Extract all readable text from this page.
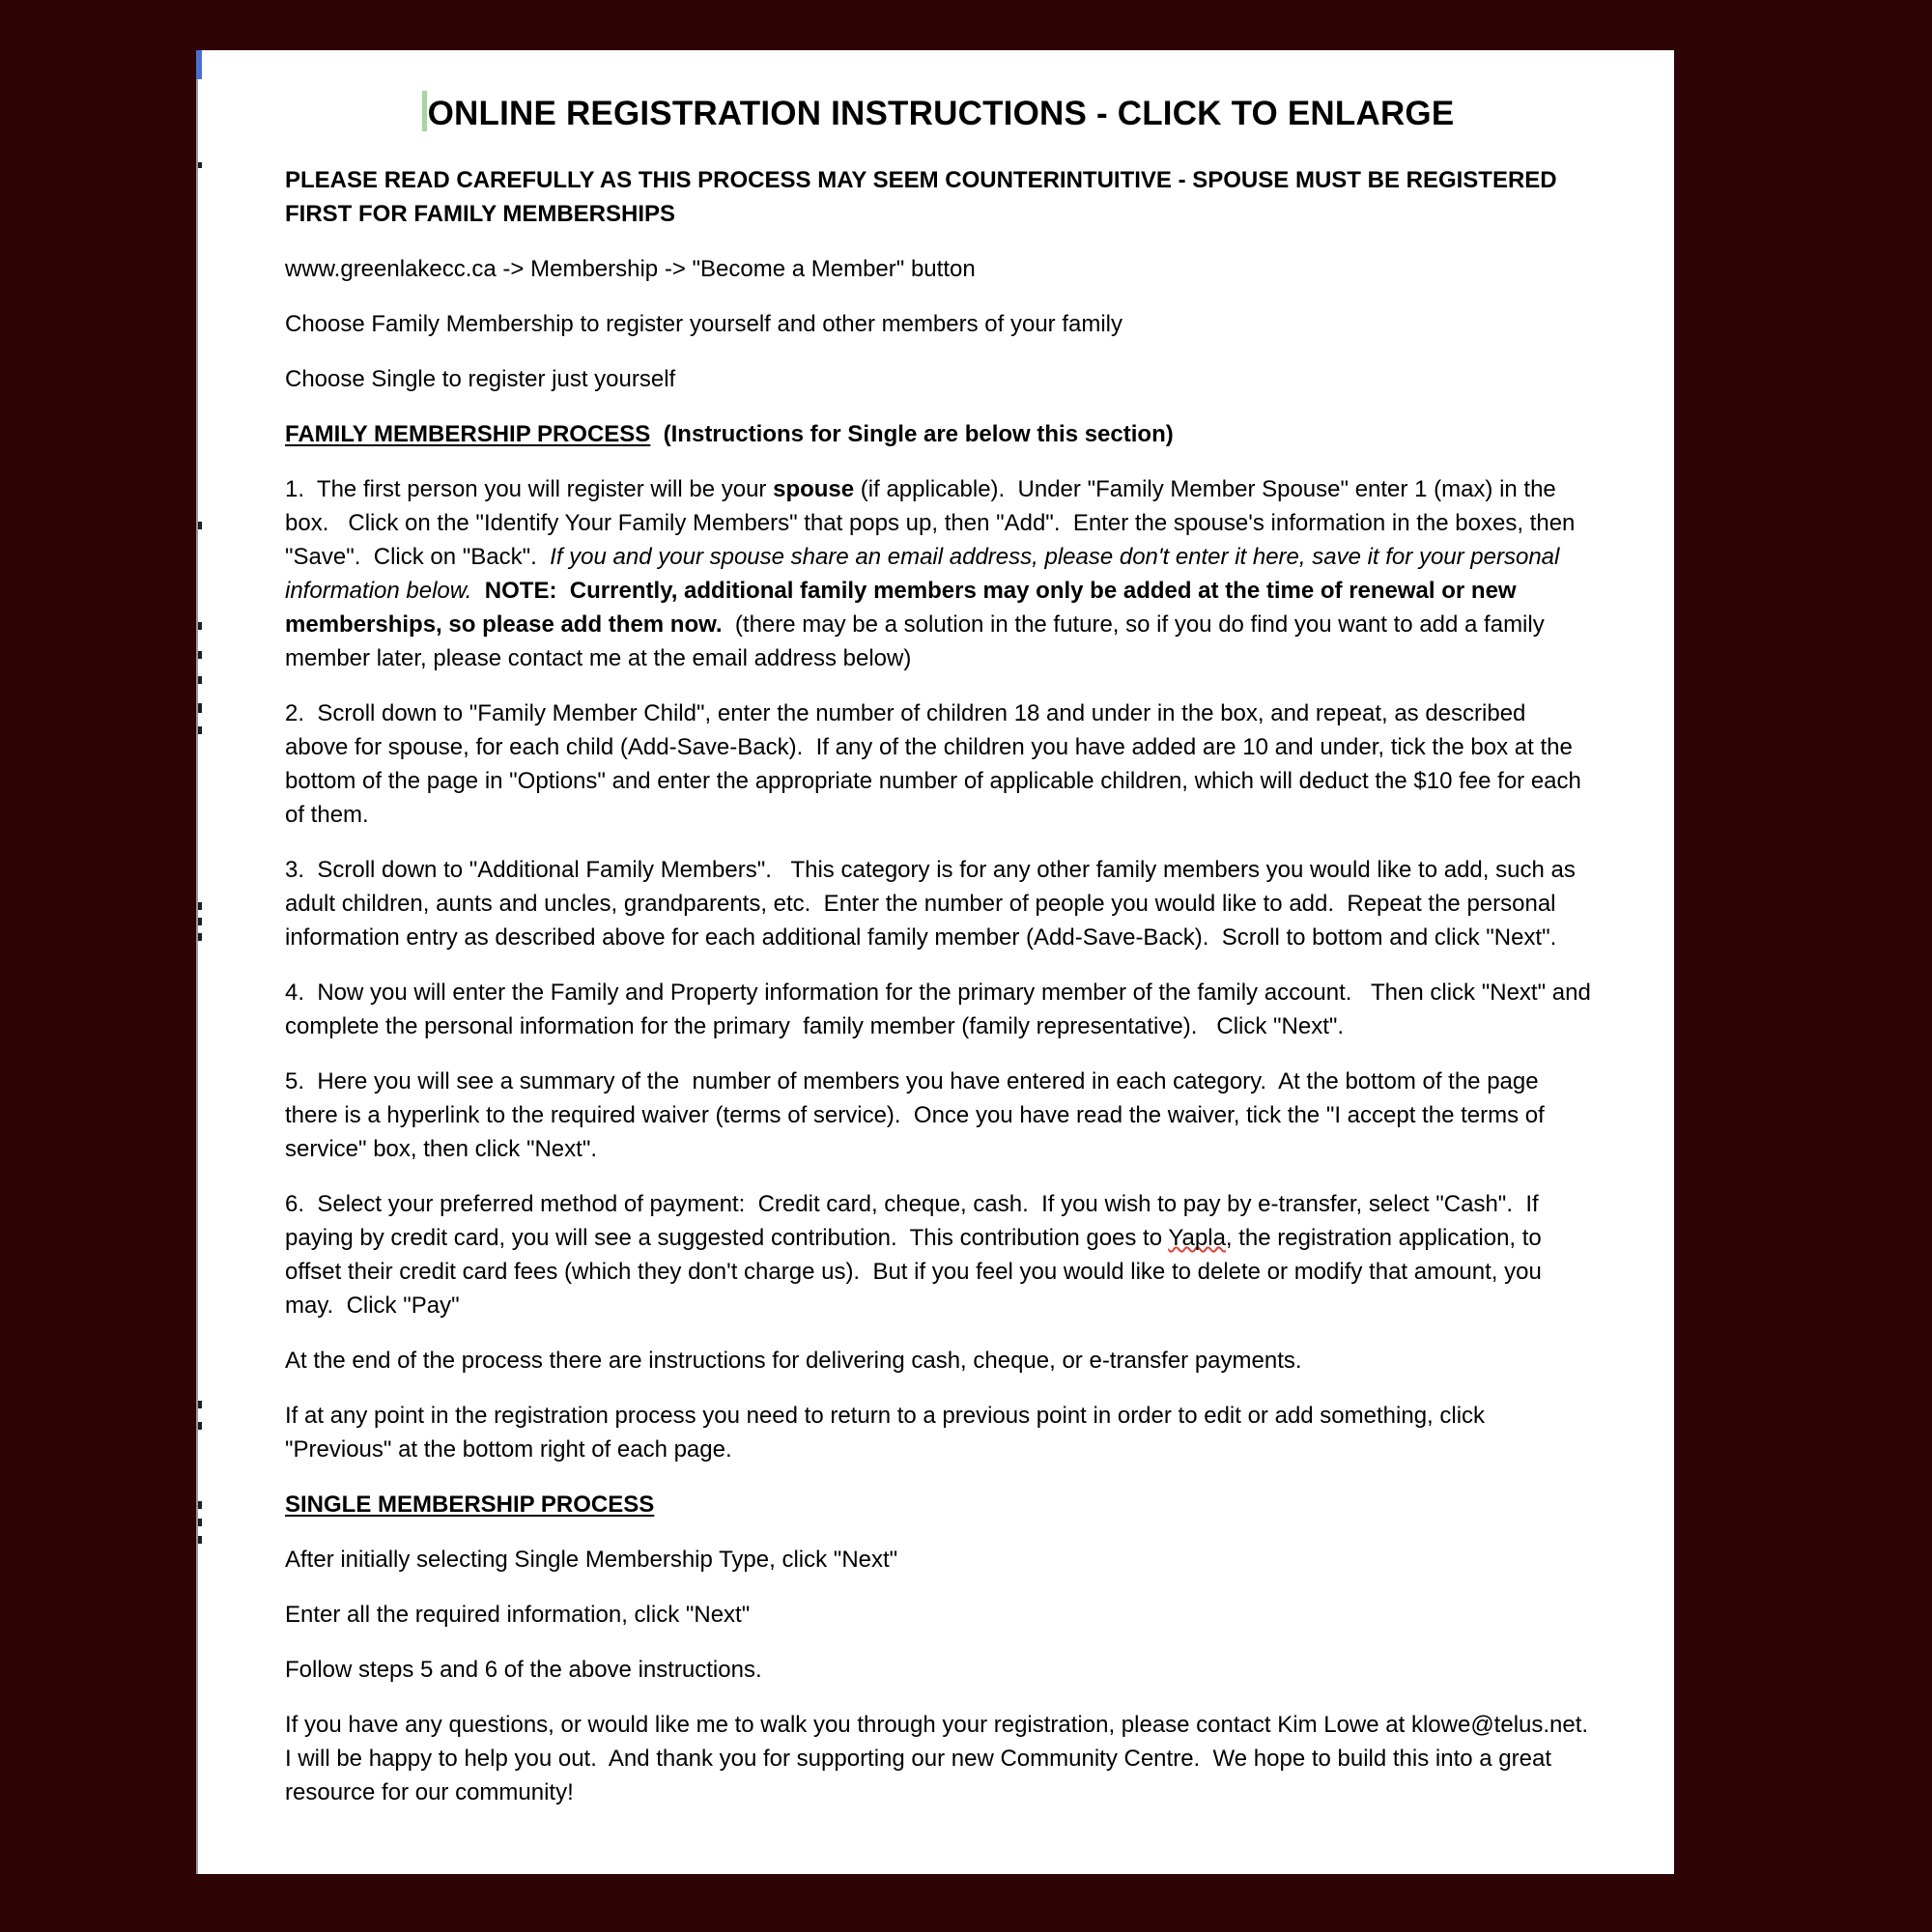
ONLINE REGISTRATION INSTRUCTIONS - CLICK TO ENLARGE

PLEASE READ CAREFULLY AS THIS PROCESS MAY SEEM COUNTERINTUITIVE - SPOUSE MUST BE REGISTERED FIRST FOR FAMILY MEMBERSHIPS

www.greenlakecc.ca -> Membership -> "Become a Member" button

Choose Family Membership to register yourself and other members of your family

Choose Single to register just yourself

FAMILY MEMBERSHIP PROCESS  (Instructions for Single are below this section)

1.  The first person you will register will be your spouse (if applicable).  Under "Family Member Spouse" enter 1 (max) in the box.   Click on the "Identify Your Family Members" that pops up, then "Add".  Enter the spouse's information in the boxes, then "Save".  Click on "Back".  If you and your spouse share an email address, please don't enter it here, save it for your personal information below. NOTE:  Currently, additional family members may only be added at the time of renewal or new memberships, so please add them now.  (there may be a solution in the future, so if you do find you want to add a family member later, please contact me at the email address below)

2.  Scroll down to "Family Member Child", enter the number of children 18 and under in the box, and repeat, as described above for spouse, for each child (Add-Save-Back).  If any of the children you have added are 10 and under, tick the box at the bottom of the page in "Options" and enter the appropriate number of applicable children, which will deduct the $10 fee for each of them.

3.  Scroll down to "Additional Family Members".   This category is for any other family members you would like to add, such as adult children, aunts and uncles, grandparents, etc.  Enter the number of people you would like to add.  Repeat the personal information entry as described above for each additional family member (Add-Save-Back).  Scroll to bottom and click "Next".

4.  Now you will enter the Family and Property information for the primary member of the family account.   Then click "Next" and complete the personal information for the primary  family member (family representative).   Click "Next".

5.  Here you will see a summary of the  number of members you have entered in each category.  At the bottom of the page there is a hyperlink to the required waiver (terms of service).  Once you have read the waiver, tick the "I accept the terms of service" box, then click "Next".

6.  Select your preferred method of payment:  Credit card, cheque, cash.  If you wish to pay by e-transfer, select "Cash".  If paying by credit card, you will see a suggested contribution.  This contribution goes to Yapla, the registration application, to offset their credit card fees (which they don't charge us).  But if you feel you would like to delete or modify that amount, you may.  Click "Pay"

At the end of the process there are instructions for delivering cash, cheque, or e-transfer payments.

If at any point in the registration process you need to return to a previous point in order to edit or add something, click "Previous" at the bottom right of each page.

SINGLE MEMBERSHIP PROCESS

After initially selecting Single Membership Type, click "Next"

Enter all the required information, click "Next"

Follow steps 5 and 6 of the above instructions.

If you have any questions, or would like me to walk you through your registration, please contact Kim Lowe at klowe@telus.net.  I will be happy to help you out.  And thank you for supporting our new Community Centre.  We hope to build this into a great resource for our community!
